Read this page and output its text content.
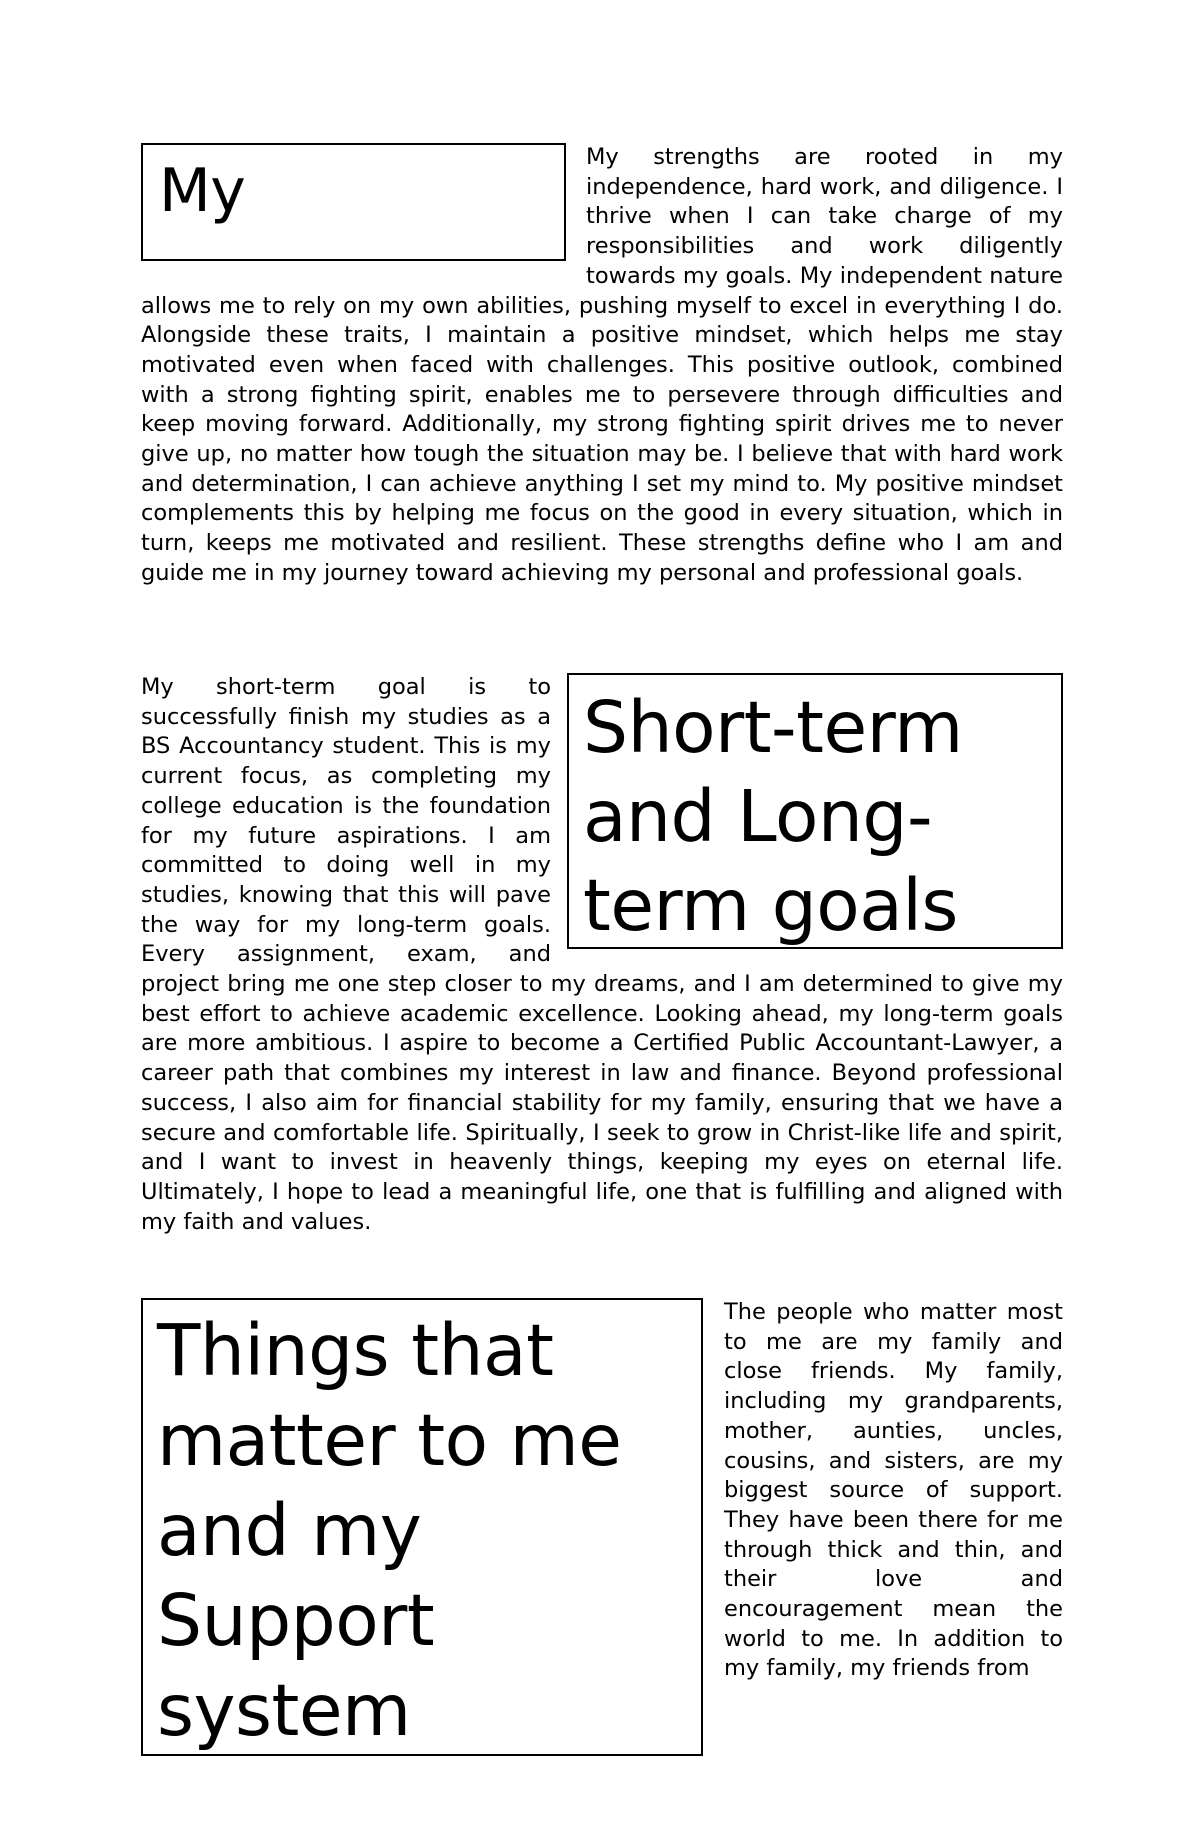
My	My strengths are rooted in my independence, hard work, and diligence. I thrive when I can take charge of my responsibilities and work diligently towards my goals. My independent nature allows me to rely on my own abilities, pushing myself to excel in everything I do. Alongside these traits, I maintain a positive mindset, which helps me stay motivated even when faced with challenges. This positive outlook, combined with a strong fighting spirit, enables me to persevere through difficulties and keep moving forward. Additionally, my strong fighting spirit drives me to never give up, no matter how tough the situation may be. I believe that with hard work and determination, I can achieve anything I set my mind to. My positive mindset complements this by helping me focus on the good in every situation, which in turn, keeps me motivated and resilient. These strengths define who I am and guide me in my journey toward achieving my personal and professional goals.

Short-term and Long-term goals

My short-term goal is to successfully finish my studies as a BS Accountancy student. This is my current focus, as completing my college education is the foundation for my future aspirations. I am committed to doing well in my studies, knowing that this will pave the way for my long-term goals. Every assignment, exam, and project bring me one step closer to my dreams, and I am determined to give my best effort to achieve academic excellence. Looking ahead, my long-term goals are more ambitious. I aspire to become a Certified Public Accountant-Lawyer, a career path that combines my interest in law and finance. Beyond professional success, I also aim for financial stability for my family, ensuring that we have a secure and comfortable life. Spiritually, I seek to grow in Christ-like life and spirit, and I want to invest in heavenly things, keeping my eyes on eternal life. Ultimately, I hope to lead a meaningful life, one that is fulfilling and aligned with my faith and values.

Things that matter to me and my Support system

The people who matter most to me are my family and close friends. My family, including my grandparents, mother, aunties, uncles, cousins, and sisters, are my biggest source of support. They have been there for me through thick and thin, and their love and encouragement mean the world to me. In addition to my family, my friends from
